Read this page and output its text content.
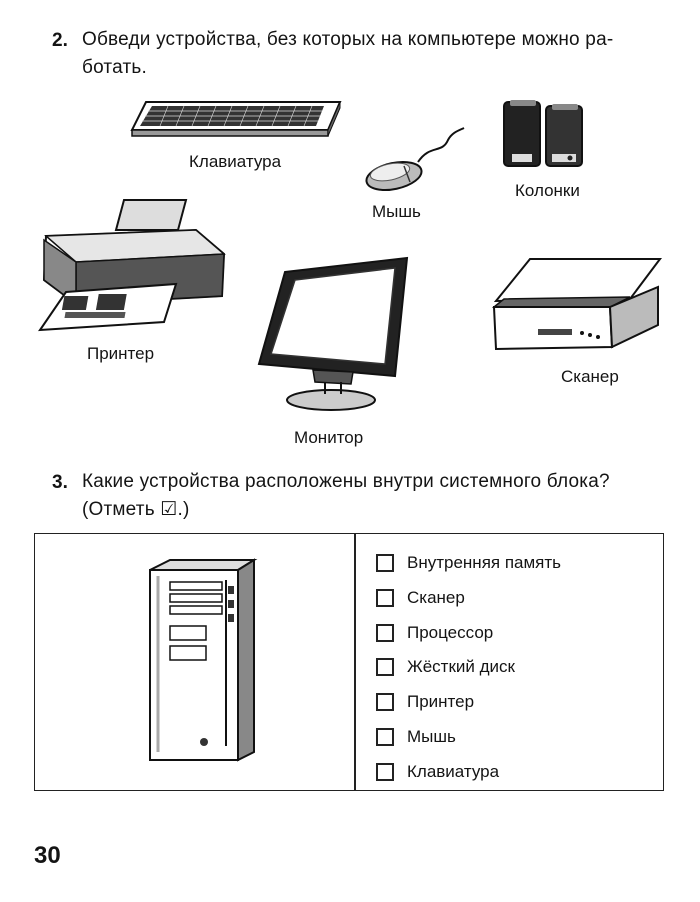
2. Обведи устройства, без которых на компьютере можно ра-
ботать.
Клавиатура
Мышь
Колонки
Принтер
Монитор
Сканер
3. Какие устройства расположены внутри системного блока?
(Отметь ☑.)
Внутренняя память
Сканер
Процессор
Жёсткий диск
Принтер
Мышь
Клавиатура
30
